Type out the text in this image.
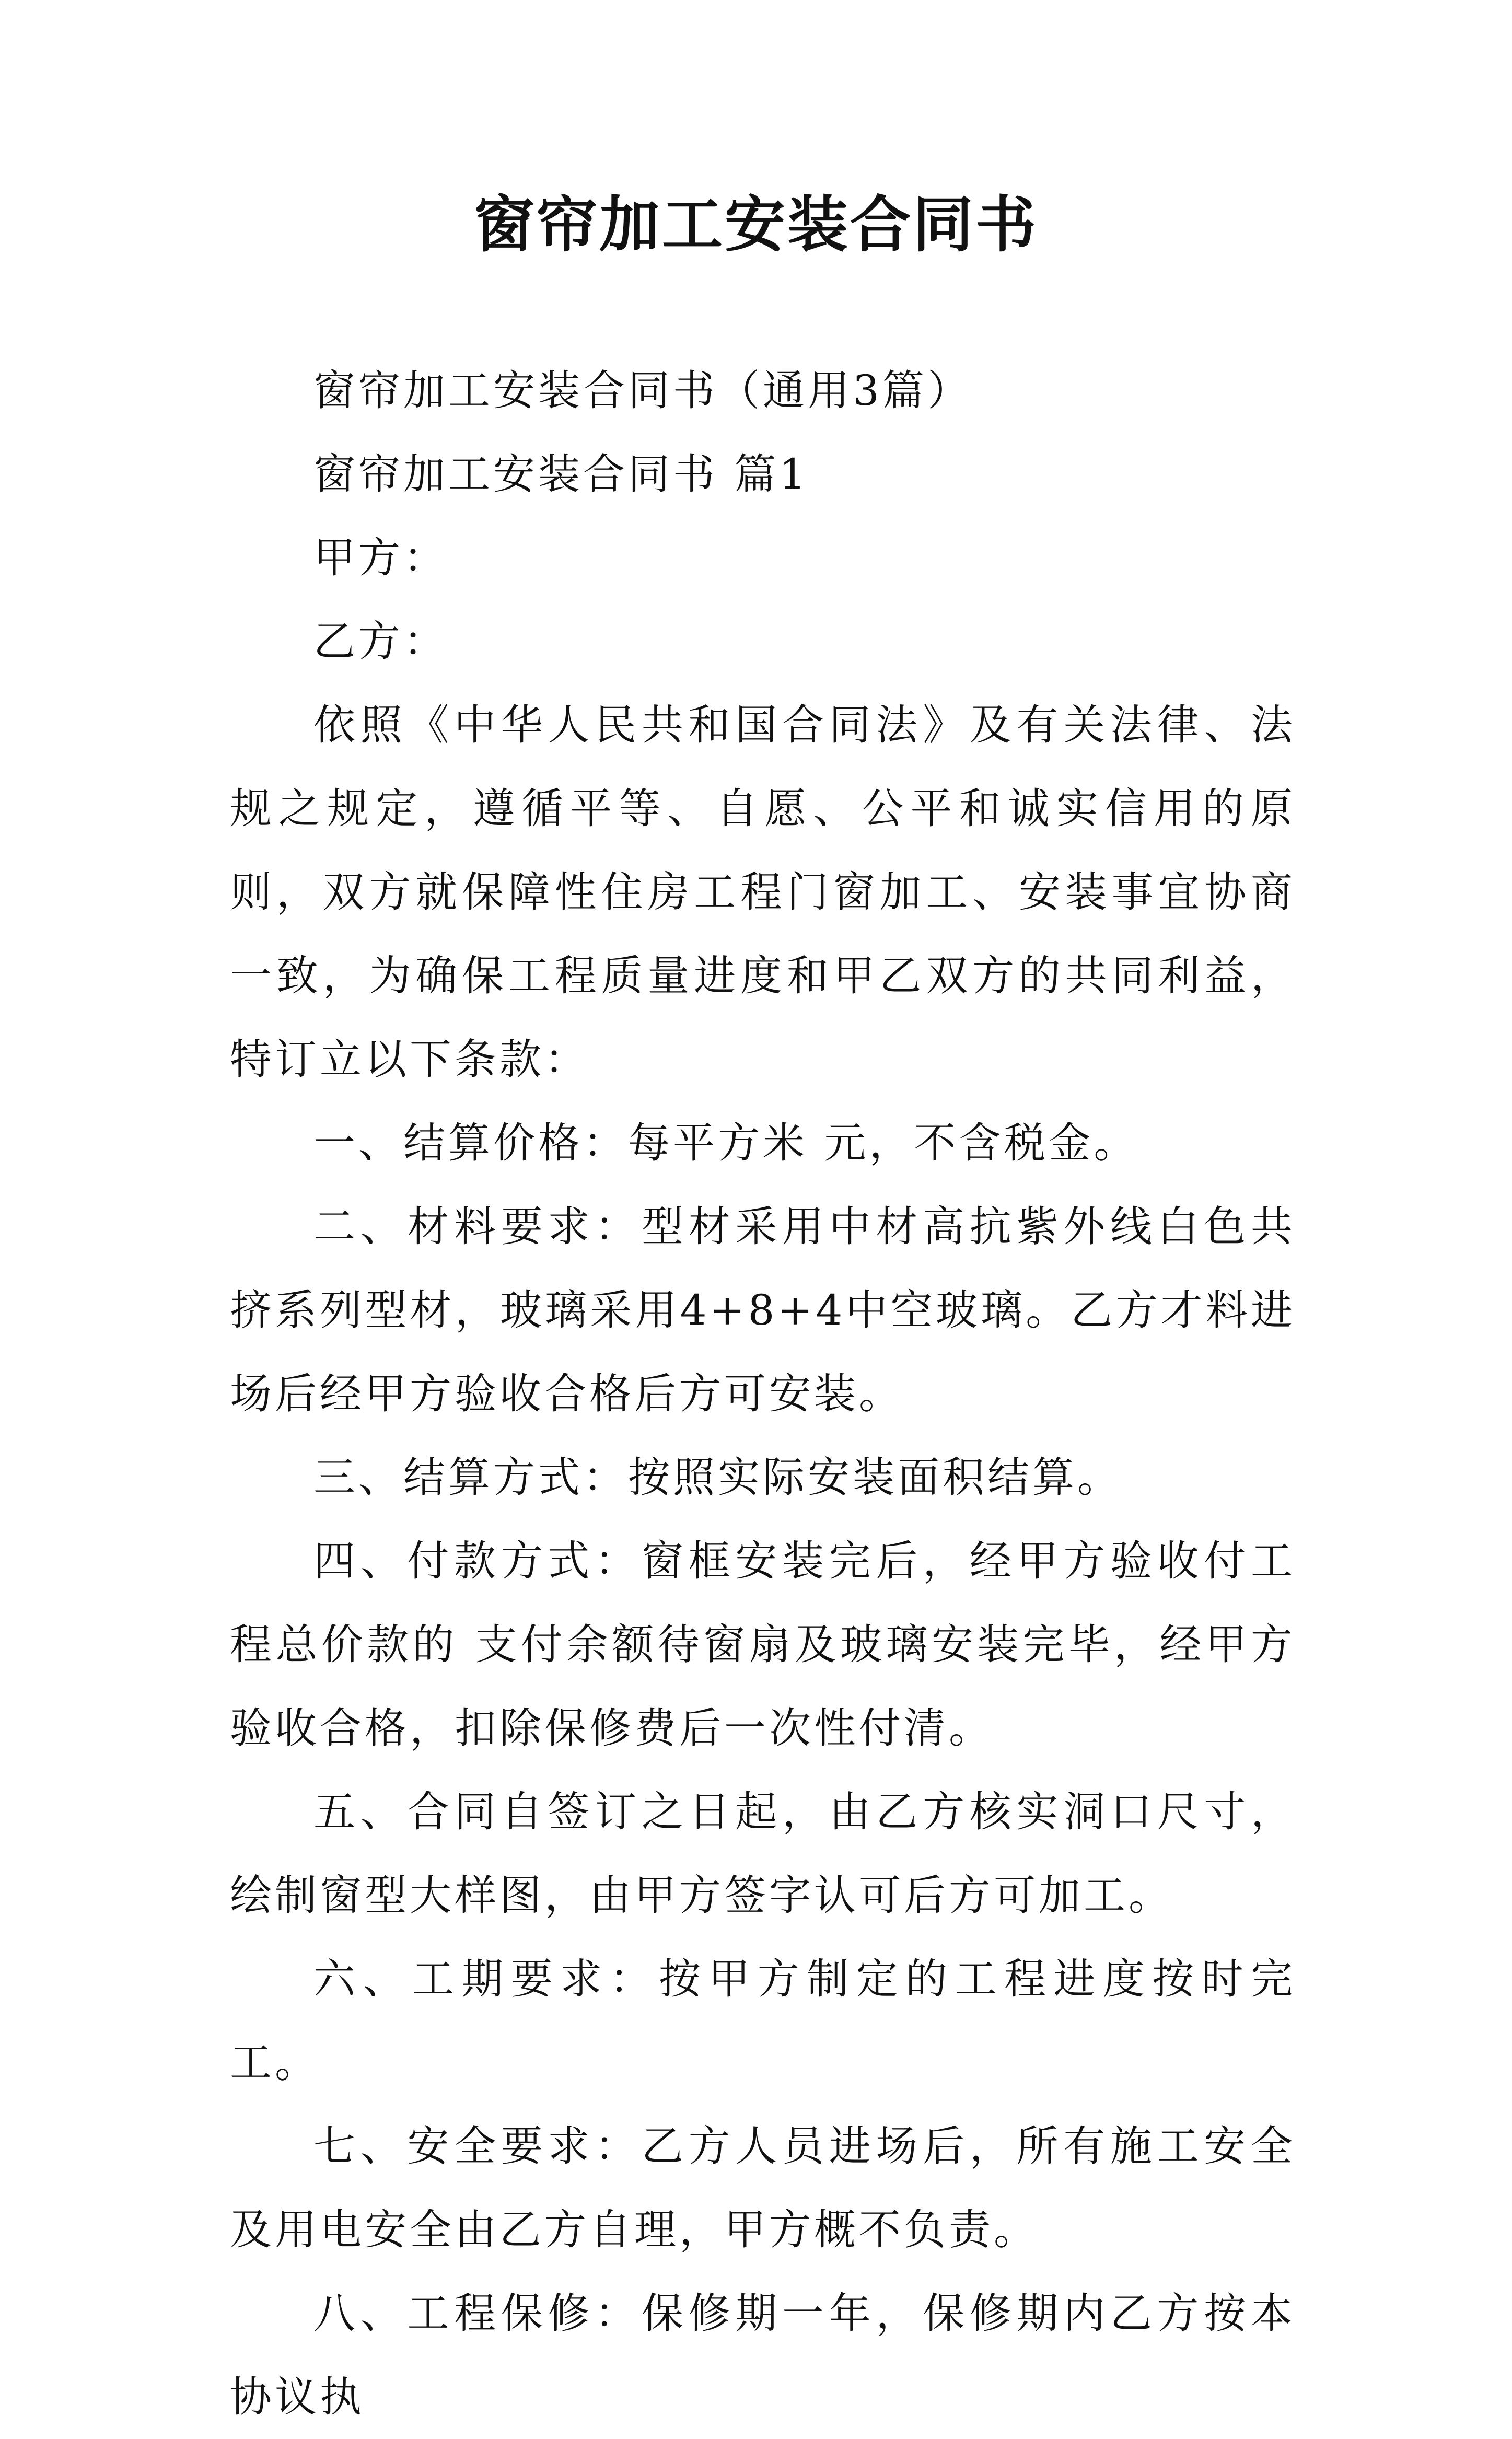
窗帘加工安装合同书

窗帘加工安装合同书（通用3篇）

窗帘加工安装合同书 篇1

甲方：

乙方：

依照《中华人民共和国合同法》及有关法律、法规之规定，遵循平等、自愿、公平和诚实信用的原则，双方就保障性住房工程门窗加工、安装事宜协商一致，为确保工程质量进度和甲乙双方的共同利益，特订立以下条款：

一、结算价格：每平方米 元，不含税金。

二、材料要求：型材采用中材高抗紫外线白色共挤系列型材，玻璃采用4+8+4中空玻璃。乙方才料进场后经甲方验收合格后方可安装。

三、结算方式：按照实际安装面积结算。

四、付款方式：窗框安装完后，经甲方验收付工程总价款的 支付余额待窗扇及玻璃安装完毕，经甲方验收合格，扣除保修费后一次性付清。

五、合同自签订之日起，由乙方核实洞口尺寸，绘制窗型大样图，由甲方签字认可后方可加工。

六、工期要求：按甲方制定的工程进度按时完工。

七、安全要求：乙方人员进场后，所有施工安全及用电安全由乙方自理，甲方概不负责。

八、工程保修：保修期一年，保修期内乙方按本协议执
